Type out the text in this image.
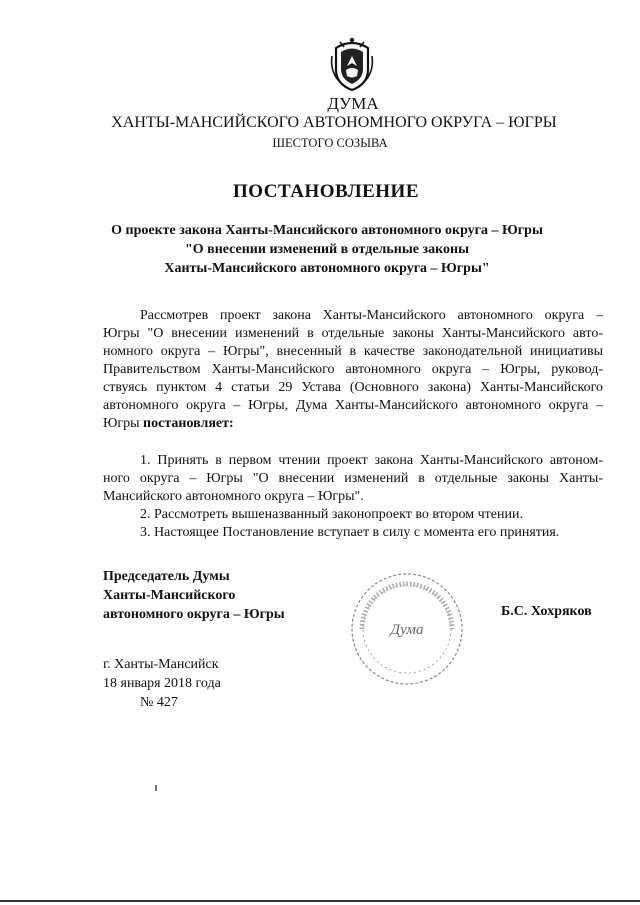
ДУМА
ХАНТЫ-МАНСИЙСКОГО АВТОНОМНОГО ОКРУГА – ЮГРЫ
ШЕСТОГО СОЗЫВА
ПОСТАНОВЛЕНИЕ
О проекте закона Ханты-Мансийского автономного округа – Югры
"О внесении изменений в отдельные законы
Ханты-Мансийского автономного округа – Югры"
Рассмотрев проект закона Ханты-Мансийского автономного округа –
Югры "О внесении изменений в отдельные законы Ханты-Мансийского авто-
номного округа – Югры", внесенный в качестве законодательной инициативы
Правительством Ханты-Мансийского автономного округа – Югры, руковод-
ствуясь пунктом 4 статьи 29 Устава (Основного закона) Ханты-Мансийского
автономного округа – Югры, Дума Ханты-Мансийского автономного округа –
Югры постановляет:
1. Принять в первом чтении проект закона Ханты-Мансийского автоном-
ного округа – Югры "О внесении изменений в отдельные законы Ханты-
Мансийского автономного округа – Югры".
2. Рассмотреть вышеназванный законопроект во втором чтении.
3. Настоящее Постановление вступает в силу с момента его принятия.
Председатель Думы
Ханты-Мансийского
автономного округа – Югры
Дума
Б.С. Хохряков
г. Ханты-Мансийск
18 января 2018 года
№ 427
